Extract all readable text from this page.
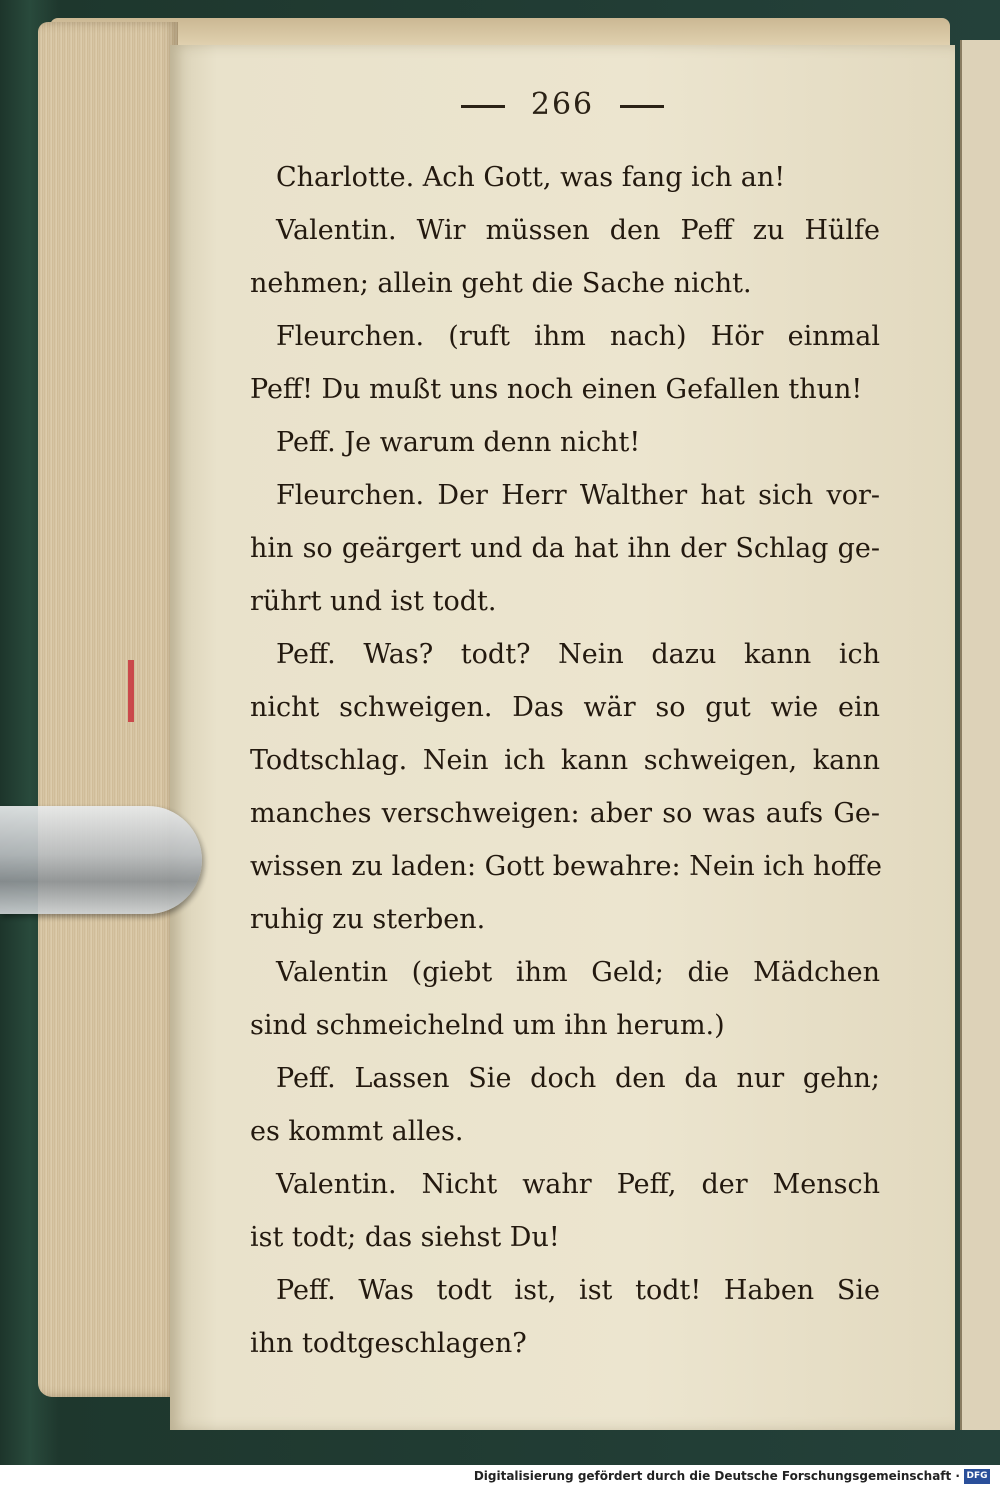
266
Charlotte. Ach Gott, was fang ich an!
Valentin. Wir müssen den Peff zu Hülfe
nehmen; allein geht die Sache nicht.
Fleurchen. (ruft ihm nach) Hör einmal
Peff! Du mußt uns noch einen Gefallen thun!
Peff. Je warum denn nicht!
Fleurchen. Der Herr Walther hat sich vor-
hin so geärgert und da hat ihn der Schlag ge-
rührt und ist todt.
Peff. Was? todt? Nein dazu kann ich
nicht schweigen. Das wär so gut wie ein
Todtschlag. Nein ich kann schweigen, kann
manches verschweigen: aber so was aufs Ge-
wissen zu laden: Gott bewahre: Nein ich hoffe
ruhig zu sterben.
Valentin (giebt ihm Geld; die Mädchen
sind schmeichelnd um ihn herum.)
Peff. Lassen Sie doch den da nur gehn;
es kommt alles.
Valentin. Nicht wahr Peff, der Mensch
ist todt; das siehst Du!
Peff. Was todt ist, ist todt! Haben Sie
ihn todtgeschlagen?
Digitalisierung gefördert durch die Deutsche Forschungsgemeinschaft · DFG
